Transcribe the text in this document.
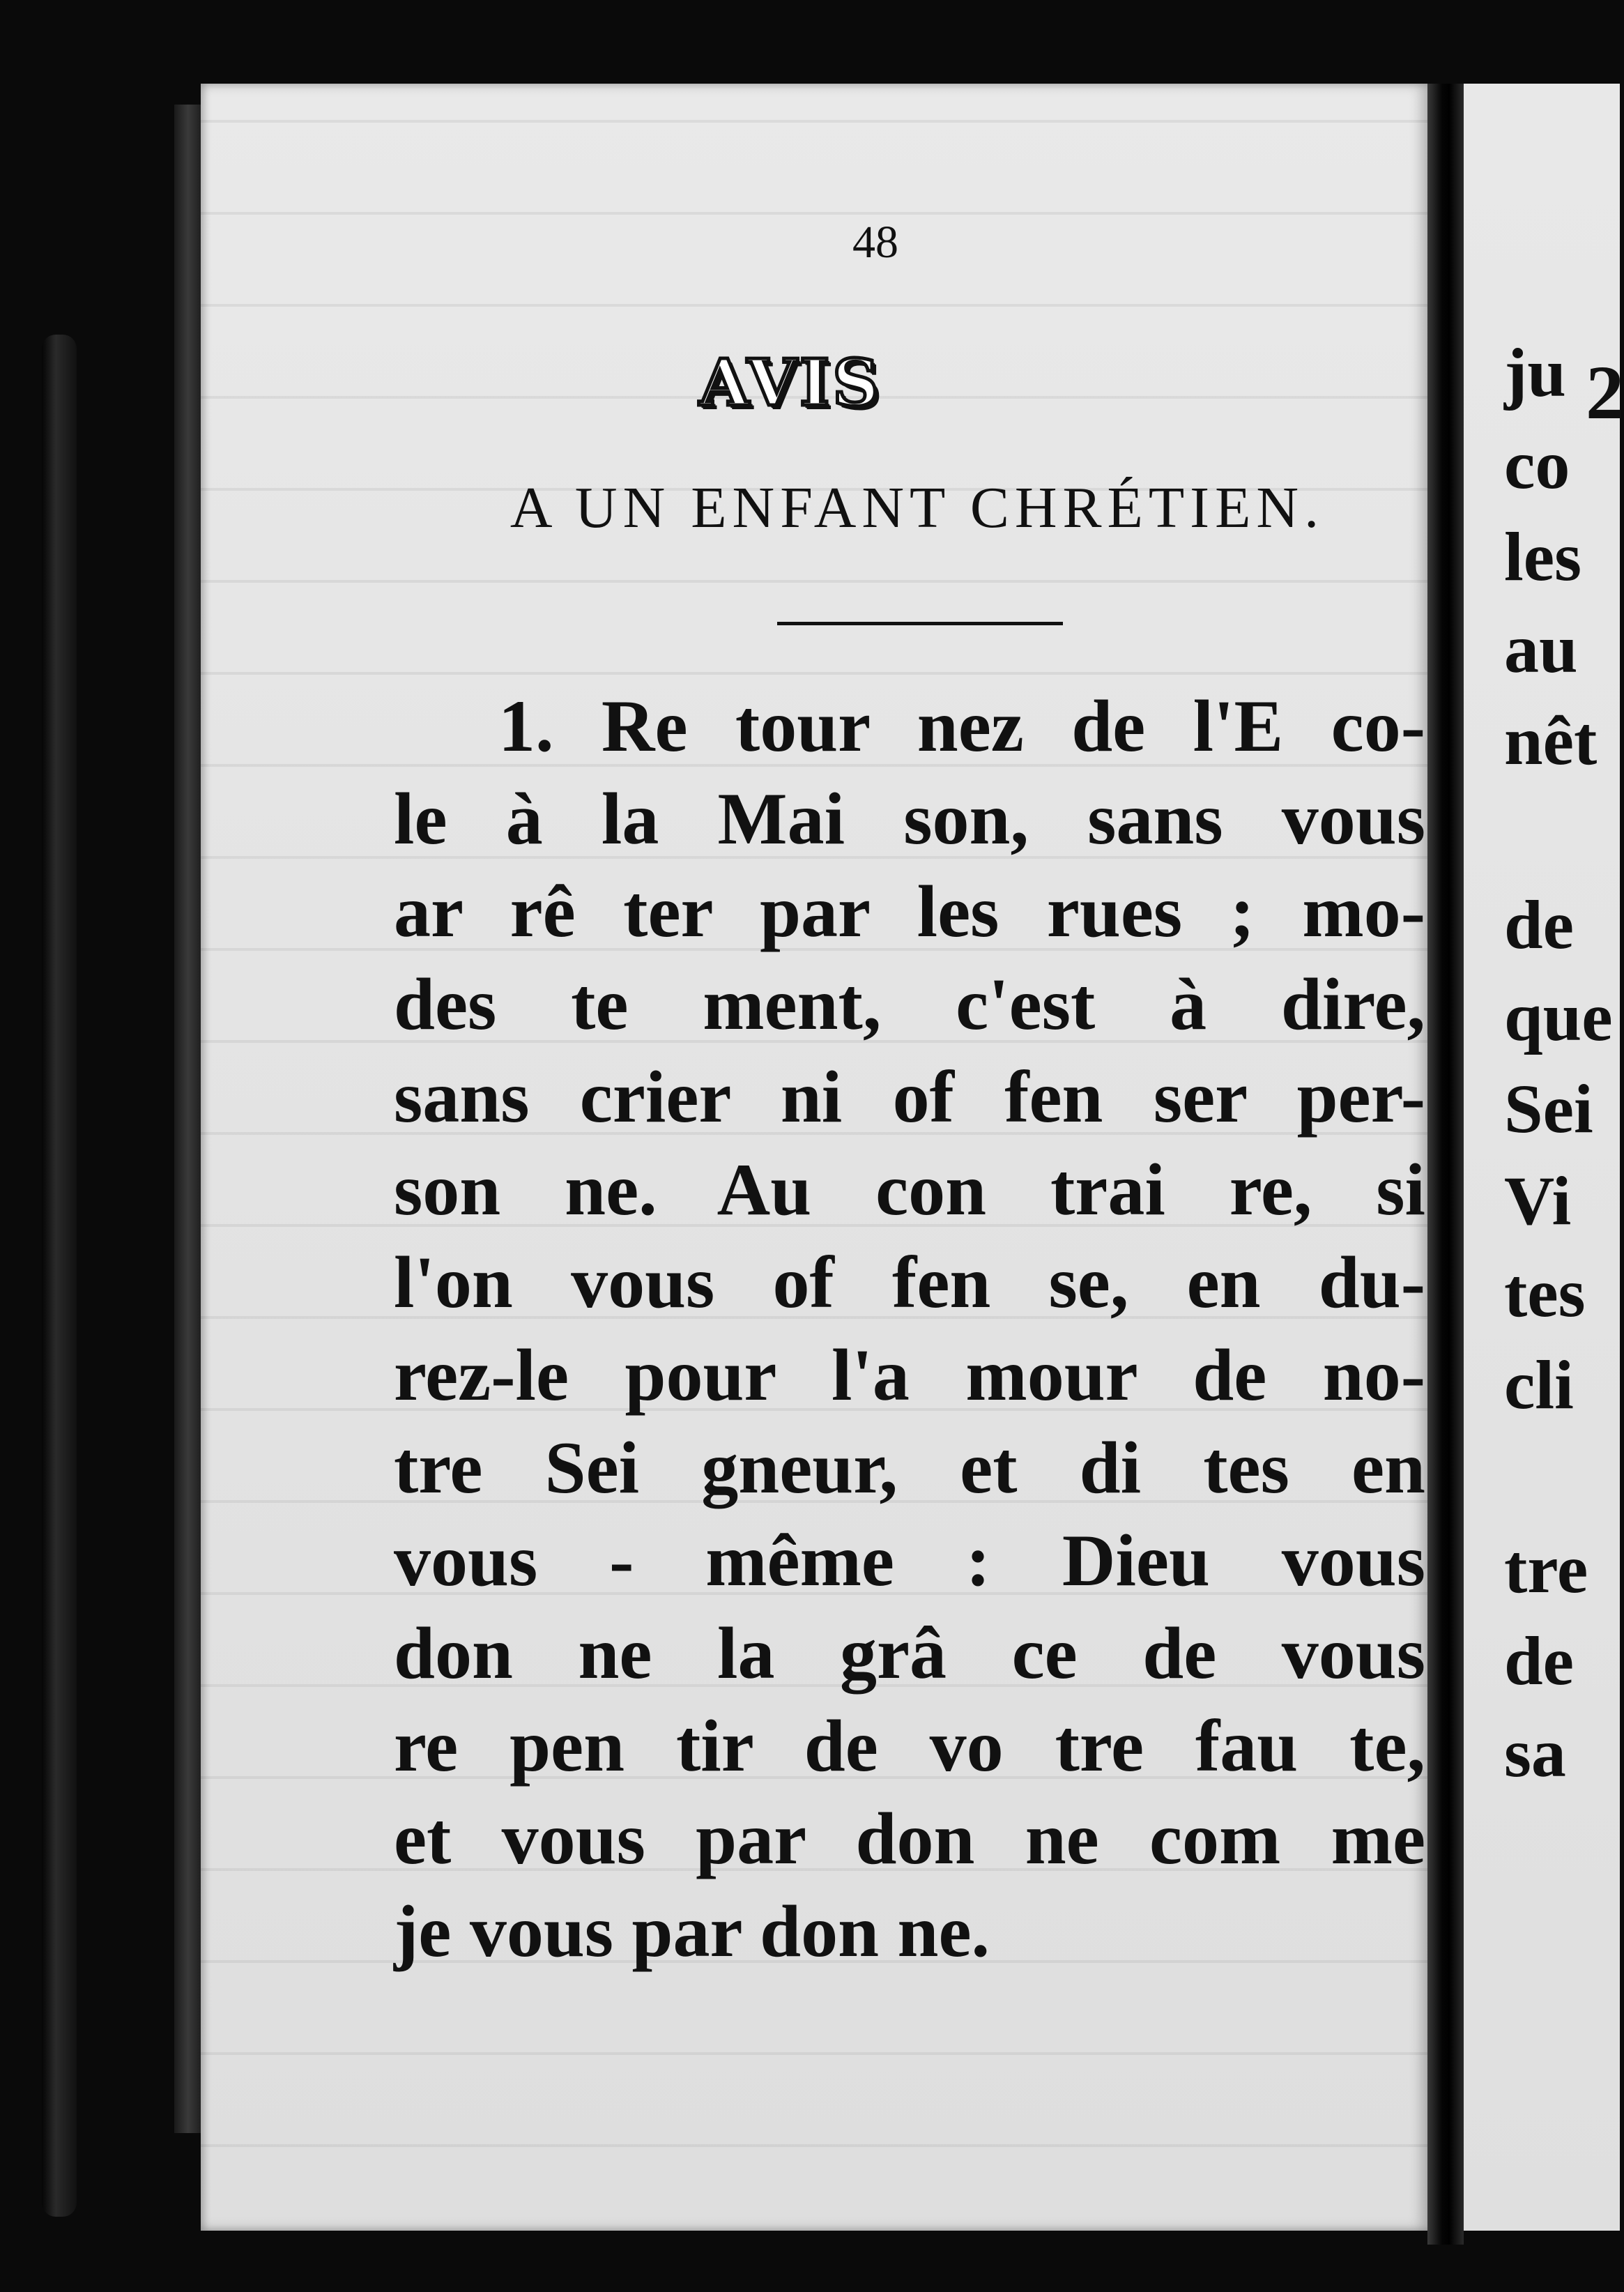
48
AVIS
A UN ENFANT CHRÉTIEN.
1. Re tour nez de l'E co-
le à la Mai son, sans vous
ar rê ter par les rues ; mo-
des te ment, c'est à dire,
sans crier ni of fen ser per-
son ne. Au con trai re, si
l'on vous of fen se, en du-
rez-le pour l'a mour de no-
tre Sei gneur, et di tes en
vous - même : Dieu vous
don ne la grâ ce de vous
re pen tir de vo tre fau te,
et vous par don ne com me
je vous par don ne.
2
ju
co
les
au
nêt
de
que
Sei
Vi
tes
cli
tre
de
sa
